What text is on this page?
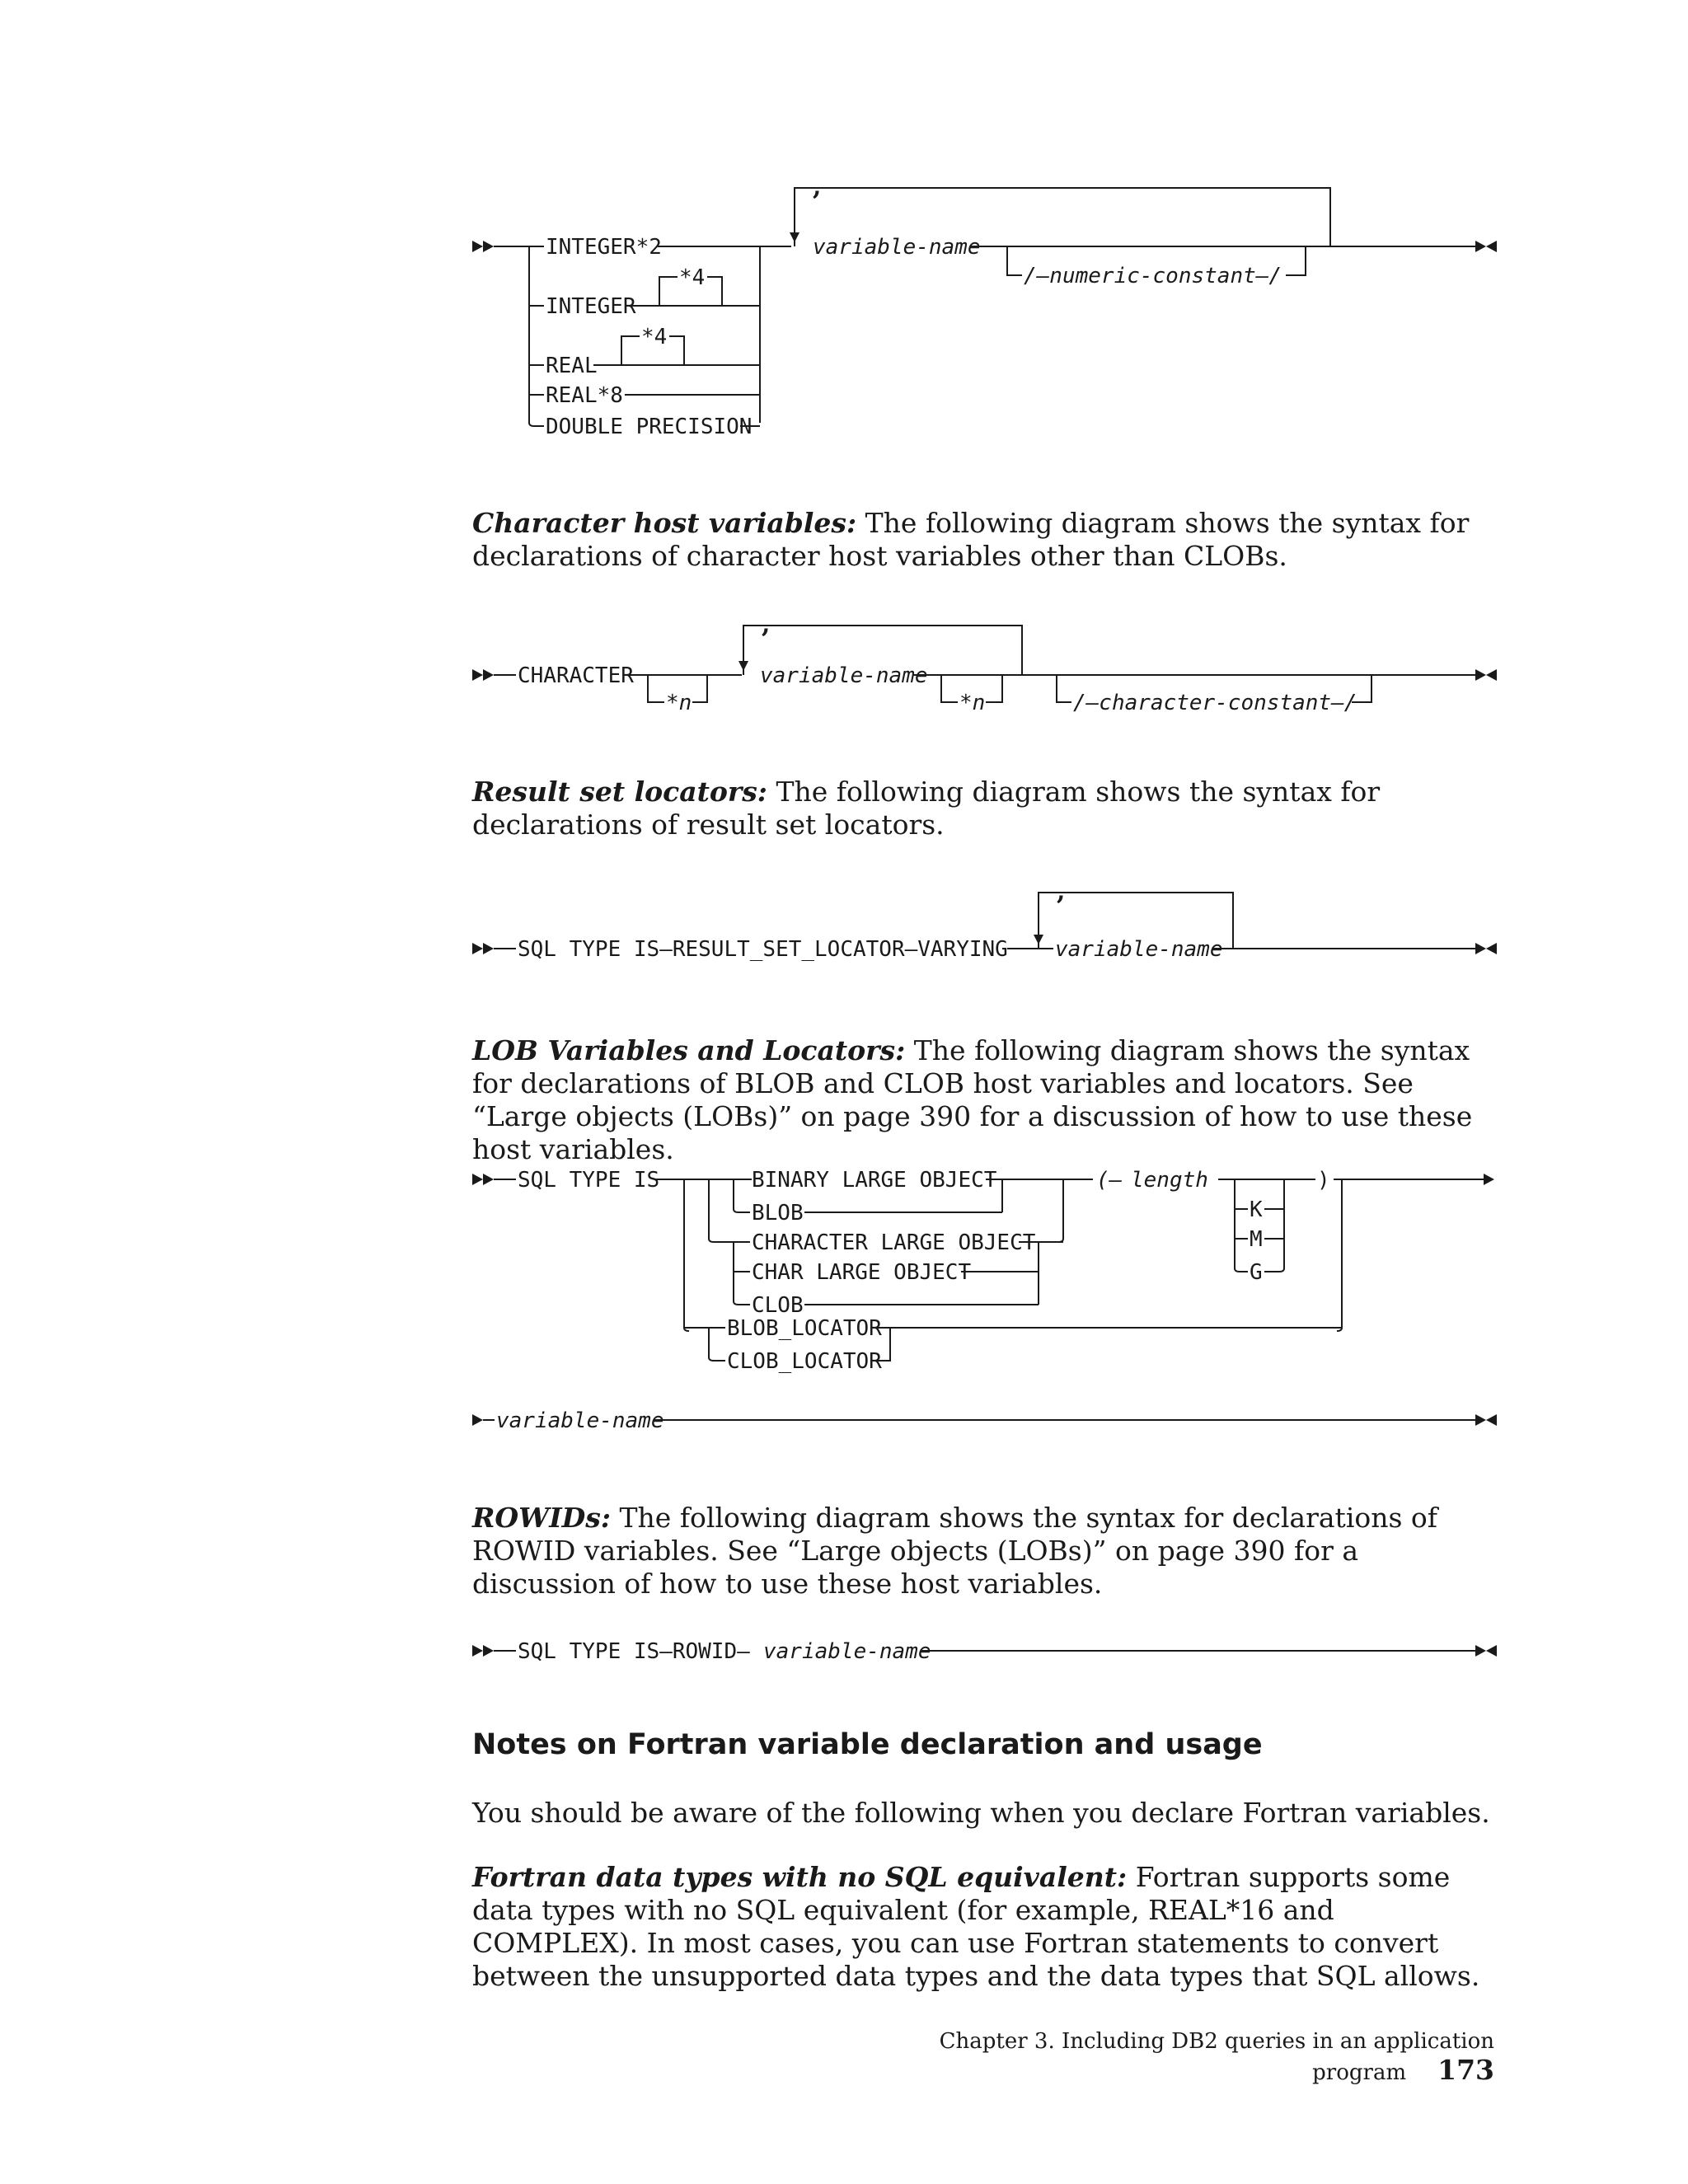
INTEGER*2
INTEGER
*4
REAL
*4
REAL*8
DOUBLE PRECISION
,
variable-name
/—numeric-constant—/

Character host variables: The following diagram shows the syntax for declarations of character host variables other than CLOBs.

CHARACTER
*n
,
variable-name
*n	/—character-constant—/

Result set locators: The following diagram shows the syntax for declarations of result set locators.

SQL TYPE IS—RESULT_SET_LOCATOR—VARYING
,
variable-name

LOB Variables and Locators: The following diagram shows the syntax for declarations of BLOB and CLOB host variables and locators. See “Large objects (LOBs)” on page 390 for a discussion of how to use these host variables.

SQL TYPE IS	BINARY LARGE OBJECT
BLOB
CHARACTER LARGE OBJECT
CHAR LARGE OBJECT
CLOB
(— length	)
K
M
G
BLOB_LOCATOR
CLOB_LOCATOR
variable-name

ROWIDs: The following diagram shows the syntax for declarations of ROWID variables. See “Large objects (LOBs)” on page 390 for a discussion of how to use these host variables.

SQL TYPE IS—ROWID— variable-name
Notes on Fortran variable declaration and usage

You should be aware of the following when you declare Fortran variables.

Fortran data types with no SQL equivalent: Fortran supports some data types with no SQL equivalent (for example, REAL*16 and COMPLEX). In most cases, you can use Fortran statements to convert between the unsupported data types and the data types that SQL allows.

Chapter 3. Including DB2 queries in an application program 173
